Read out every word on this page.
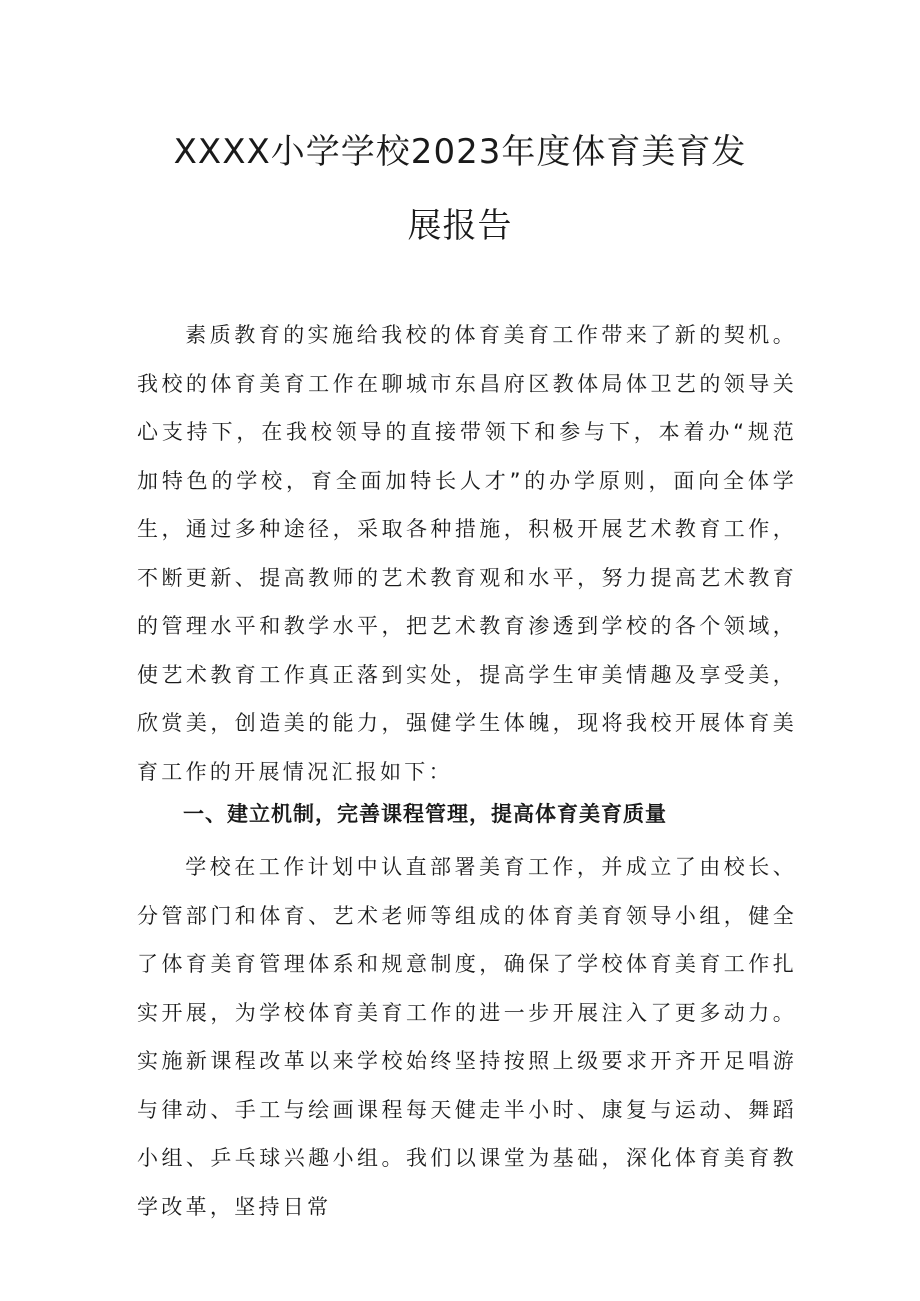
XXXX小学学校2023年度体育美育发
展报告

素质教育的实施给我校的体育美育工作带来了新的契机。我校的体育美育工作在聊城市东昌府区教体局体卫艺的领导关心支持下，在我校领导的直接带领下和参与下，本着办“规范加特色的学校，育全面加特长人才”的办学原则，面向全体学生，通过多种途径，采取各种措施，积极开展艺术教育工作，不断更新、提高教师的艺术教育观和水平，努力提高艺术教育的管理水平和教学水平，把艺术教育渗透到学校的各个领域，使艺术教育工作真正落到实处，提高学生审美情趣及享受美，欣赏美，创造美的能力，强健学生体魄，现将我校开展体育美育工作的开展情况汇报如下：

一、建立机制，完善课程管理，提高体育美育质量

学校在工作计划中认直部署美育工作，并成立了由校长、分管部门和体育、艺术老师等组成的体育美育领导小组，健全了体育美育管理体系和规意制度，确保了学校体育美育工作扎实开展，为学校体育美育工作的进一步开展注入了更多动力。实施新课程改革以来学校始终坚持按照上级要求开齐开足唱游与律动、手工与绘画课程每天健走半小时、康复与运动、舞蹈小组、乒乓球兴趣小组。我们以课堂为基础，深化体育美育教学改革，坚持日常
